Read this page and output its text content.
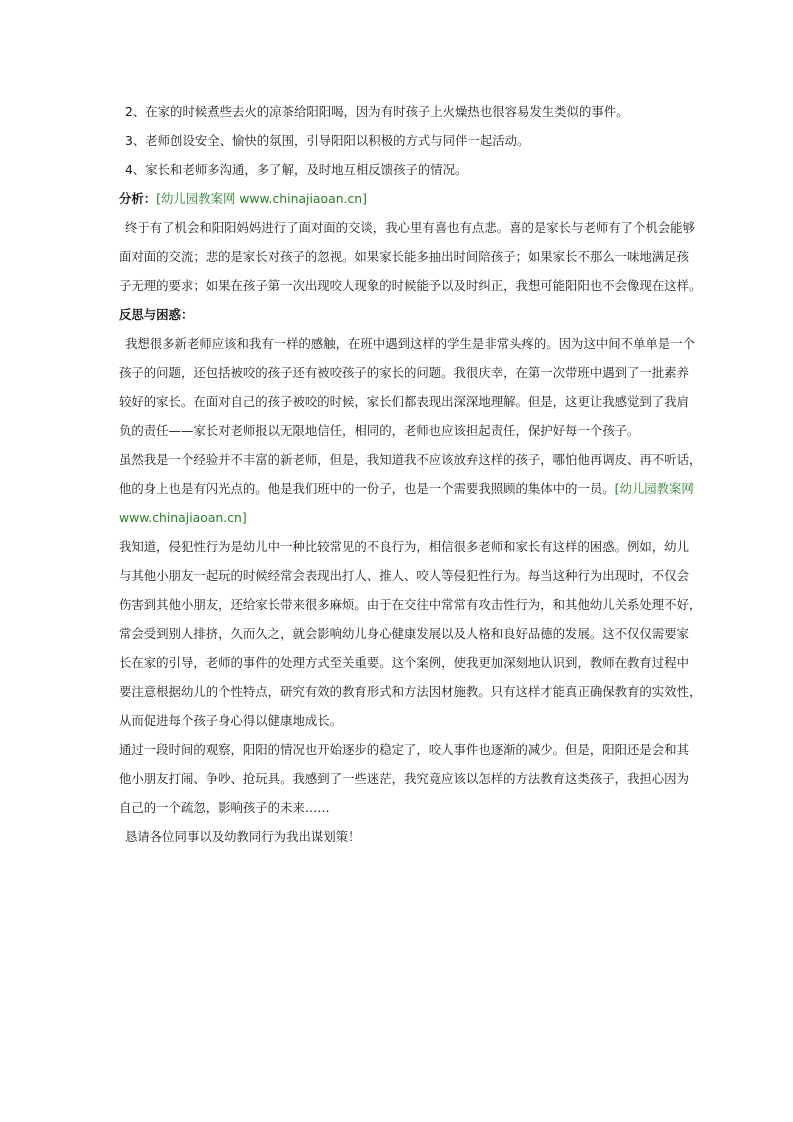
2、在家的时候煮些去火的凉茶给阳阳喝，因为有时孩子上火燥热也很容易发生类似的事件。
3、老师创设安全、愉快的氛围，引导阳阳以积极的方式与同伴一起活动。
4、家长和老师多沟通，多了解，及时地互相反馈孩子的情况。
分析：[幼儿园教案网 www.chinajiaoan.cn]
终于有了机会和阳阳妈妈进行了面对面的交谈，我心里有喜也有点悲。喜的是家长与老师有了个机会能够
面对面的交流；悲的是家长对孩子的忽视。如果家长能多抽出时间陪孩子；如果家长不那么一味地满足孩
子无理的要求；如果在孩子第一次出现咬人现象的时候能予以及时纠正，我想可能阳阳也不会像现在这样。
反思与困惑：
我想很多新老师应该和我有一样的感触，在班中遇到这样的学生是非常头疼的。因为这中间不单单是一个
孩子的问题，还包括被咬的孩子还有被咬孩子的家长的问题。我很庆幸，在第一次带班中遇到了一批素养
较好的家长。在面对自己的孩子被咬的时候，家长们都表现出深深地理解。但是，这更让我感觉到了我肩
负的责任——家长对老师报以无限地信任，相同的，老师也应该担起责任，保护好每一个孩子。
虽然我是一个经验并不丰富的新老师，但是，我知道我不应该放弃这样的孩子，哪怕他再调皮、再不听话，
他的身上也是有闪光点的。他是我们班中的一份子，也是一个需要我照顾的集体中的一员。[幼儿园教案网
www.chinajiaoan.cn]
我知道，侵犯性行为是幼儿中一种比较常见的不良行为，相信很多老师和家长有这样的困惑。例如，幼儿
与其他小朋友一起玩的时候经常会表现出打人、推人、咬人等侵犯性行为。每当这种行为出现时，不仅会
伤害到其他小朋友，还给家长带来很多麻烦。由于在交往中常常有攻击性行为，和其他幼儿关系处理不好，
常会受到别人排挤，久而久之，就会影响幼儿身心健康发展以及人格和良好品德的发展。这不仅仅需要家
长在家的引导，老师的事件的处理方式至关重要。这个案例，使我更加深刻地认识到，教师在教育过程中
要注意根据幼儿的个性特点，研究有效的教育形式和方法因材施教。只有这样才能真正确保教育的实效性，
从而促进每个孩子身心得以健康地成长。
通过一段时间的观察，阳阳的情况也开始逐步的稳定了，咬人事件也逐渐的减少。但是，阳阳还是会和其
他小朋友打闹、争吵、抢玩具。我感到了一些迷茫，我究竟应该以怎样的方法教育这类孩子，我担心因为
自己的一个疏忽，影响孩子的未来……
恳请各位同事以及幼教同行为我出谋划策！
